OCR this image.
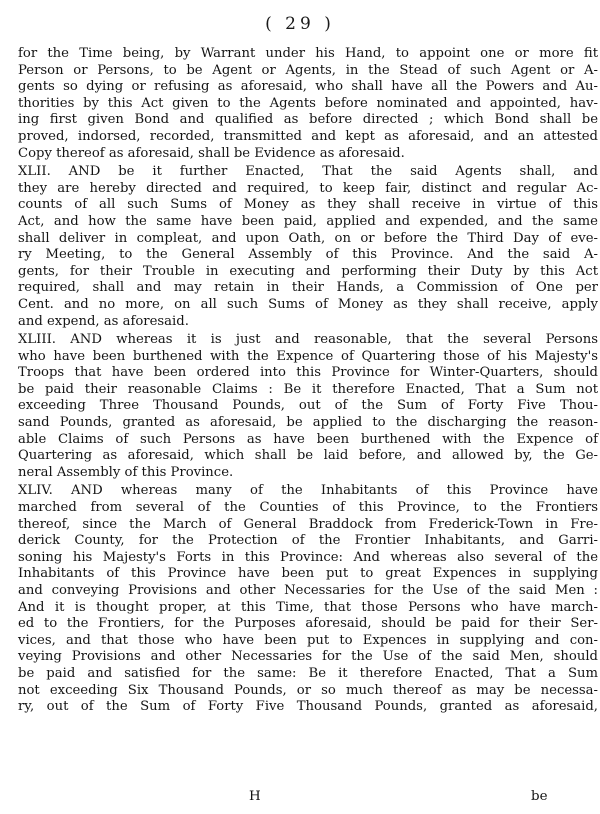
( 29 )
for the Time being, by Warrant under his Hand, to appoint one or more fit
Person or Persons, to be Agent or Agents, in the Stead of such Agent or A-
gents so dying or refusing as aforesaid, who shall have all the Powers and Au-
thorities by this Act given to the Agents before nominated and appointed, hav-
ing first given Bond and qualified as before directed ; which Bond shall be
proved, indorsed, recorded, transmitted and kept as aforesaid, and an attested
Copy thereof as aforesaid, shall be Evidence as aforesaid.
XLII. AND be it further Enacted, That the said Agents shall, and
they are hereby directed and required, to keep fair, distinct and regular Ac-
counts of all such Sums of Money as they shall receive in virtue of this
Act, and how the same have been paid, applied and expended, and the same
shall deliver in compleat, and upon Oath, on or before the Third Day of eve-
ry Meeting, to the General Assembly of this Province. And the said A-
gents, for their Trouble in executing and performing their Duty by this Act
required, shall and may retain in their Hands, a Commission of One per
Cent. and no more, on all such Sums of Money as they shall receive, apply
and expend, as aforesaid.
XLIII. AND whereas it is just and reasonable, that the several Persons
who have been burthened with the Expence of Quartering those of his Majesty's
Troops that have been ordered into this Province for Winter-Quarters, should
be paid their reasonable Claims : Be it therefore Enacted, That a Sum not
exceeding Three Thousand Pounds, out of the Sum of Forty Five Thou-
sand Pounds, granted as aforesaid, be applied to the discharging the reason-
able Claims of such Persons as have been burthened with the Expence of
Quartering as aforesaid, which shall be laid before, and allowed by, the Ge-
neral Assembly of this Province.
XLIV. AND whereas many of the Inhabitants of this Province have
marched from several of the Counties of this Province, to the Frontiers
thereof, since the March of General Braddock from Frederick-Town in Fre-
derick County, for the Protection of the Frontier Inhabitants, and Garri-
soning his Majesty's Forts in this Province: And whereas also several of the
Inhabitants of this Province have been put to great Expences in supplying
and conveying Provisions and other Necessaries for the Use of the said Men :
And it is thought proper, at this Time, that those Persons who have march-
ed to the Frontiers, for the Purposes aforesaid, should be paid for their Ser-
vices, and that those who have been put to Expences in supplying and con-
veying Provisions and other Necessaries for the Use of the said Men, should
be paid and satisfied for the same: Be it therefore Enacted, That a Sum
not exceeding Six Thousand Pounds, or so much thereof as may be necessa-
ry, out of the Sum of Forty Five Thousand Pounds, granted as aforesaid,
H	be
